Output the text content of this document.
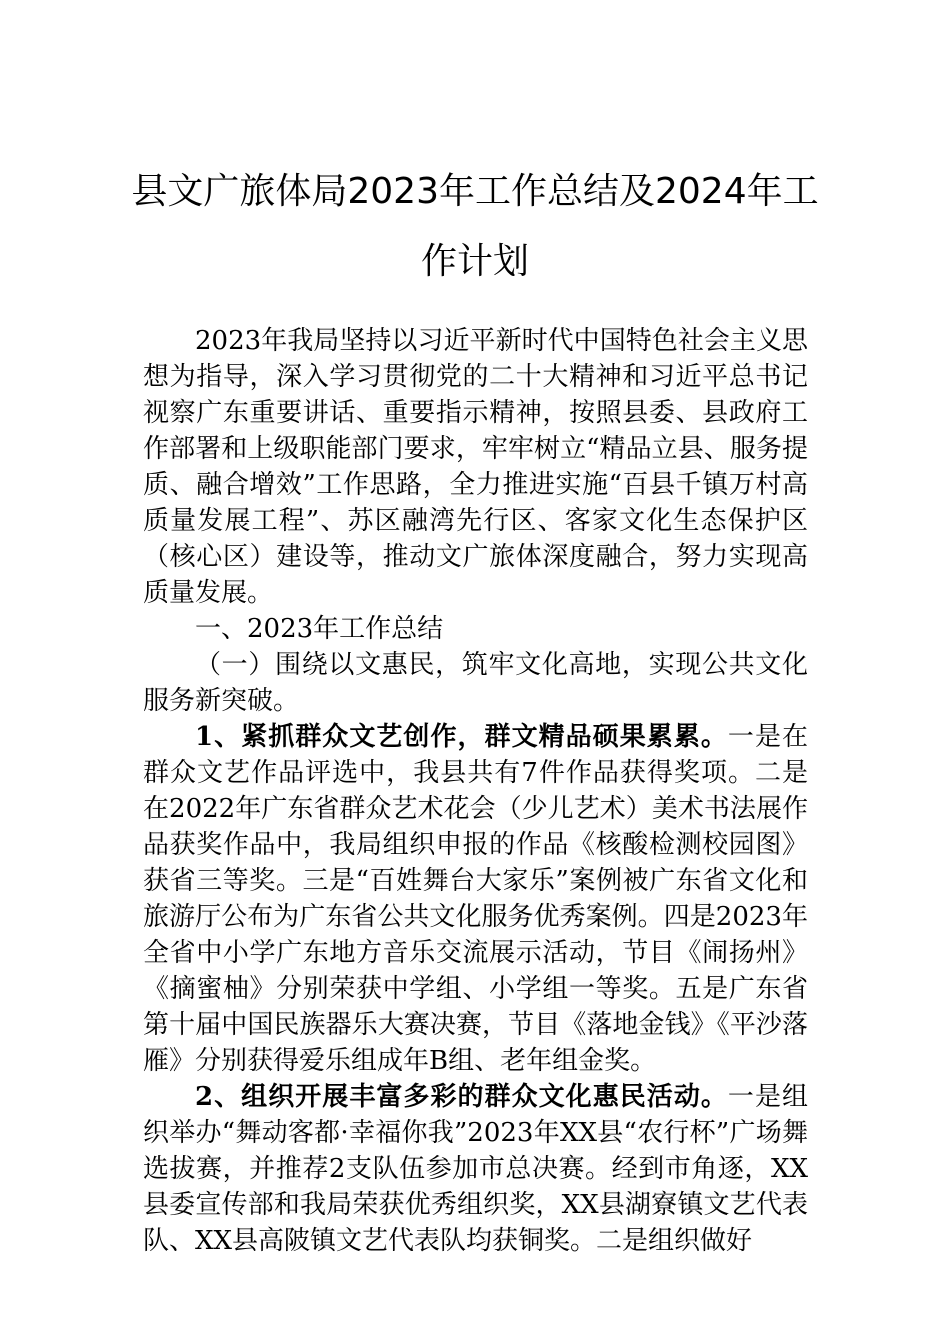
县文广旅体局2023年工作总结及2024年工作计划

2023年我局坚持以习近平新时代中国特色社会主义思想为指导，深入学习贯彻党的二十大精神和习近平总书记视察广东重要讲话、重要指示精神，按照县委、县政府工作部署和上级职能部门要求，牢牢树立“精品立县、服务提质、融合增效”工作思路，全力推进实施“百县千镇万村高质量发展工程”、苏区融湾先行区、客家文化生态保护区（核心区）建设等，推动文广旅体深度融合，努力实现高质量发展。

一、2023年工作总结

（一）围绕以文惠民，筑牢文化高地，实现公共文化服务新突破。

1、紧抓群众文艺创作，群文精品硕果累累。一是在群众文艺作品评选中，我县共有7件作品获得奖项。二是在2022年广东省群众艺术花会（少儿艺术）美术书法展作品获奖作品中，我局组织申报的作品《核酸检测校园图》获省三等奖。三是“百姓舞台大家乐”案例被广东省文化和旅游厅公布为广东省公共文化服务优秀案例。四是2023年全省中小学广东地方音乐交流展示活动，节目《闹扬州》《摘蜜柚》分别荣获中学组、小学组一等奖。五是广东省第十届中国民族器乐大赛决赛，节目《落地金钱》《平沙落雁》分别获得爱乐组成年B组、老年组金奖。

2、组织开展丰富多彩的群众文化惠民活动。一是组织举办“舞动客都·幸福你我”2023年XX县“农行杯”广场舞选拔赛，并推荐2支队伍参加市总决赛。经到市角逐，XX县委宣传部和我局荣获优秀组织奖，XX县湖寮镇文艺代表队、XX县高陂镇文艺代表队均获铜奖。二是组织做好
